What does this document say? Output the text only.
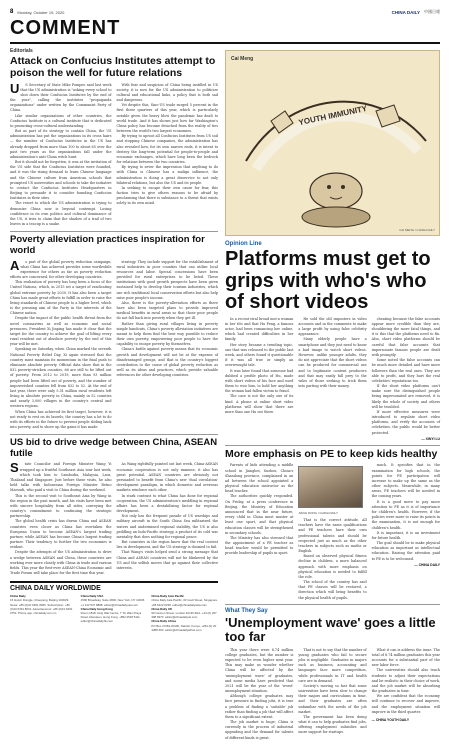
8 Monday, October 19, 2020	CHINA DAILY 中國日報
COMMENT
Editorials
Attack on Confucius Institutes attempt to poison the well for future relations
U	S Secretary of State Mike Pompeo said last week that the US administration is "asking every school to shut down their Confucius Institutes by the end of the year", calling the institutes "propaganda organizations" under written by the Communist Party of China.

Like similar organizations of other countries, the Confucius Institute is a cultural institute that is dedicated to promoting cross-cultural understanding.

But as part of its strategy to contain China, the US administration has put the organizations in its cross hairs — the number of Confucius Institutes in the US has already dropped from more than 100 to about 65 over the past two years as the organizations fall under the administration's anti-China witch hunt.

But it should not be forgotten, it was at the invitation of the US side that the Confucius Institutes were founded, and it was the rising demand to learn Chinese language and the Chinese culture from American schools that prompted US universities and schools to take the initiative to contact the Confucius Institutes Headquarters in Beijing to persuade it to consider founding Confucius Institutes in their sites.

The resort to which the US administration is trying to demonize China now is beyond contempt. Losing confidence in its own politics and cultural dominance of the US, it tries to claim that the shadow of a trail of two leaves in a teacup is a snake.

With fear and suspicion of China being instilled in US society, it is now for the US administration to politicize cultural and educational links, a policy that is both sad and dangerous.

Yet despite this, Sino-US trade surged 5 percent in the first three quarters of this year, which is particularly notable given the heavy blow the pandemic has dealt to world trade. And it has shown just how far Washington's China policy has become detached from the reality of ties between the world's two largest economies.

By trying to uproot all Confucius Institutes from US soil and stopping Chinese companies, the administration has also revealed how, for its own narrow ends, it is intent to destroy the long-term potential for people-to-people and economic exchanges, which have long been the bedrock for relations between the two countries.

By trying to sever the impression that anything to do with China is Chinese has a malign influence, the administration is doing a great disservice to not only bilateral relations, but also the US and its people.

In seeking to escape their own cause for fear, this faction tries to give others reasons to be afraid by proclaiming that there is substance to a threat that exists solely in its own mind.

Poverty alleviation practices inspiration for world
A	s part of the global poverty reduction campaign, what China has achieved provides some worthwhile experience for others as far as poverty reduction efforts are concerned, for other developing countries.

This realization of poverty has long been a focus of the United Nations, which, in 2015 set a target of eradicating global extreme poverty by 2030. It has also been a target China has made great efforts to fulfill in order to raise the living standards of Chinese people to a higher level, which is the pressing aim of the Party in the interests of the Chinese nation.

Despite the impact of the public health threat from the novel coronavirus as well as economic and social pressures, President Xi Jinping has made it clear that the target for the country to achieve the goal of lifting every rural resident out of absolute poverty by the end of this year will be met.

Speaking on Saturday, when China marked the seventh National Poverty Relief Day, Xi again stressed that the country must maintain its momentum in the final push to eliminate absolute poverty. Official data show that in the 832 poverty-stricken counties, 66 are still to be lifted out of poverty. From 2012 to 2019, more than 93 million people had been lifted out of poverty, and the number of impoverished counties fell from 832 to 52. At the end of last year, there were only 5.51 million rural residents left living in absolute poverty in China, mainly in 52 counties and nearly 3,000 villages in the country's central and western regions.

When China has achieved its first target, however, it is not ready to rest on its laurels; the country has a lot to do with its efforts in the future to prevent people sliding back into poverty, and to shore up the gains it has made.

strategy. They include support for the establishment of rural industries in poor counties that can utilize local resources and labor. Special concessions have been provided for rural enterprises to be listed. These institutions with good growth prospects have been given sustained help to develop their tourism industries, which use rich traditional local conservation efforts but also help raise poor people's income.

Also, there is the poverty-alleviation efforts as there have also been targeted plans to provide improved medical benefits in rural areas so that those poor people do not fall back into poverty when they get ill.

Rather than giving rural villages living in poverty simple handouts, China's poverty alleviation initiatives are meant to help them find the best way possible to reduce their own poverty, empowering poor people to have the capability to escape poverty by themselves.

China's battle against poverty means that its economic growth and development will not be at the expense of disadvantaged groups, and that is the country's biggest contribution to the cause of global poverty reduction as well as its ideas and practices, which provide valuable references for other developing countries.

US bid to drive wedge between China, ASEAN futile
S	tate Councilor and Foreign Minister Wang Yi wrapped up a fruitful Southeast Asia tour last week, which took him to Cambodia, Malaysia, Laos, Thailand and Singapore. Just before these visits, he also held talks with Indonesian Foreign Minister Retno Marsudi, who paid a visit to China during the weekend.

This is the second visit to Southeast Asia by Wang in the region in the past month, and his visits have been met with sincere hospitality from all sides, conveying the country's commitment to continuing the strategic partnership.

The global health crisis has drawn China and ASEAN countries even closer as China has overtaken the European Union to become ASEAN's largest trading partner, while ASEAN has become China's largest trading partner. Their tendency to further the two economies is evident.

Despite the attempts of the US administration to drive a wedge between ASEAN and China, these countries are working ever more closely with China in trade and various fields. This year the first-ever ASEAN-China Economic and Trade Forum will take place for the first time this year.

As Wang rightfully pointed out last week, China-ASEAN economic cooperation is not only immune, it also has great potential. ASEAN countries are obviously not persuaded to benefit from China's new 'dual circulation' development paradigm, in which domestic and overseas markets reinforce each other.

In stark contrast to what China has done for regional cooperation, the US administration's meddling in regional affairs has been a destabilizing factor for regional development.

Not only has the frequent parade of US warships and military aircraft in the South China Sea militarized the waters and undermined regional stability, the US is also peddling an Indo-Pacific strategy, a product of its cold war mentality that does nothing for regional peace.

But countries in the region know that the real contest lies in development, and the US strategy is doomed to fail.

That Wang's visits helped send a strong message that China and ASEAN countries will not be blinkered by the US and the selfish moves that go against their collective interests.

CHINA DAILY WORLDWIDE
China Daily
15 Huixin Dongjie, Chaoyang, Beijing 100029. News: +86 (0)10 6491 8366. Subscription: +86 (0)10 6491 8631. Advertisement: +86 (0)10 6491 0751. Phone app: chinadaily.com.cn
China Daily USA
1500 Broadway, Suite 2800, New York, NY 10036. +1 212 537 8888. editor@chinadailyusa.com
China Daily Hong Kong
Room 1818, Hing Wai Centre, 7 Tin Wan Praya Road, Aberdeen, Hong Kong. +852 2518 5111. editor@chinadailyhk.com
China Daily Asia Pacific
China Daily Asia Pacific, 63 Cecil Street, Singapore. +65 6222 6238. editor@chinadailyasia.com
China Daily UK
90 Cannon Street, London EC4N 6HA. +44 (0) 207 398 8270. editor@chinadailyuk.com
China Daily Africa
PO Box 27281-00100, Nairobi, Kenya. +254 (0) 20 4288 600. editor@chinadailyafrica.com
Cai Meng
YOUTH IMMUNITY
CAI MENG / CHINA DAILY
Opinion Line
Platforms must get to grips with who's who of short videos

In a recent viral broad mei-a woman in her 60s and that Hu Feng, a famous actor, had been romancing her online, which had created difficulties in her family.

Her story became a trending topic, one that was released to the public last week, and others found it questionable if it was all true or simply an overwrought tale.

It was later found that someone had dubbed a profile photo of Hu, made with short videos of his face and used them to woo him, to hold her anything the woman had fallen victim to fraud.

The case is not the only one of its kind. A phone at online short video platforms will show that there are more than one Hu out there.

He sold the old imposters in video accounts and in the comments to make a large profit by using false celebrity appearance.

Many elderly people have a smartphone and they just need to know a bad image to watch short videos. However, unlike younger adults, they do not appreciate that the short videos can be produced for commercial use and to legitimate content producers and that may easily fall prey to the wiles of those seeking to trick them into parting with their money.

cheating because the false accounts appear more credible than they are, shouldering the more fatal things, and it is this that the platforms need to fix. Also, short video platforms should be careful that false accounts that impersonate famous people are dealt with promptly.

Some noted the false accounts can be much more detailed and have more followers than the real ones. They are able to profit, and they hurt the real celebrities' reputations too.

If the short video platforms can't make sure the distinguished people being impersonated are removed, it is likely the whole of society and others will be troubled.

If more effective measures were introduced to regulate short video platforms, and verify the accounts of celebrities, the public would be better protected.

— XINYI LU
More emphasis on PE to keep kids healthy

Parents of kids attending a middle school in Jiangbei, Suzhou, China's Shandong province, complained in an ad between the school appointed a physical education instructor as the head teacher.

The authorities quickly responded. On Friday, at a press conference in Beijing, the Ministry of Education announced that in the near future, every child in China must master at least one sport, and that physical education classes will be strengthened in secondary schools.

The Ministry has also stressed that the appointment of a PE teacher as head teacher would be permitted to provide leadership of pupils in sport.

JIANG DONG / CHINA DAILY

That is the correct attitude. All teachers have the same qualifications and PE teachers have their own professional talents and should be respected just as much as the other teachers in subjects such as maths or English.

Based on observed physical fitness decline in children, a more balanced approach with more emphasis on physical education is needed to fulfill the role.

The school of the country has said that PE classes will be restored, a direction which will bring benefits to the physical health of pupils.

much. It specifies that in the examination for high schools, the points for PE participation will increase to make up the same as the other subjects. Meanwhile, in many areas, PE teachers will be needed in the coming years.

It is a good move to pay more attention to PE as it is of importance for children's health. However, if the policies were more to raise its points in the examination, it is not enough for children's health.

It is important, it is an investment for future health.

The goal should be to make physical education as important as intellectual education. Raising the attention paid to PE is to be welcomed.

— CHINA DAILY
What They Say
'Unemployment wave' goes a little too far

This year there were 8.74 million college graduates, but the number is expected to be even higher next year. This may make us wonder whether China will be affected by the 'unemployment wave' of graduates, and some media have predicted that 2021 will be the year of the 'worst' unemployment situation.

Although college graduates may face pressure in finding jobs, it is true a problem of finding a 'suitable' job rather than finding a job that will affect them to a significant extent.

The job market is huge; China is currently in the process of industrial upgrading and the demand for talents of different kinds is great.

That is not to say that the number of young graduates who fail to secure jobs is negligible. Graduates in majors such as business, accounting and languages face more competition, while professionals in IT and health care are in demand.

Society's moving so fast that some universities have been slow to change their majors and curriculums in time, and their graduates are often unfamiliar with the needs of the job market.

The government has been doing what it can to help graduates find jobs, offering employment subsidies and more support for startups.

What it can is address the issue. The total of 8.74 million graduates this year accounts for a substantial part of the new labor force.

The universities should also teach students to adjust their expectations and be realistic in their choice of work, and the job market will be absorbing the graduates in time.

We are confident that the economy will continue to recover and improve, and the employment situation will improve in the third quarter.

— CHINA YOUTH DAILY
